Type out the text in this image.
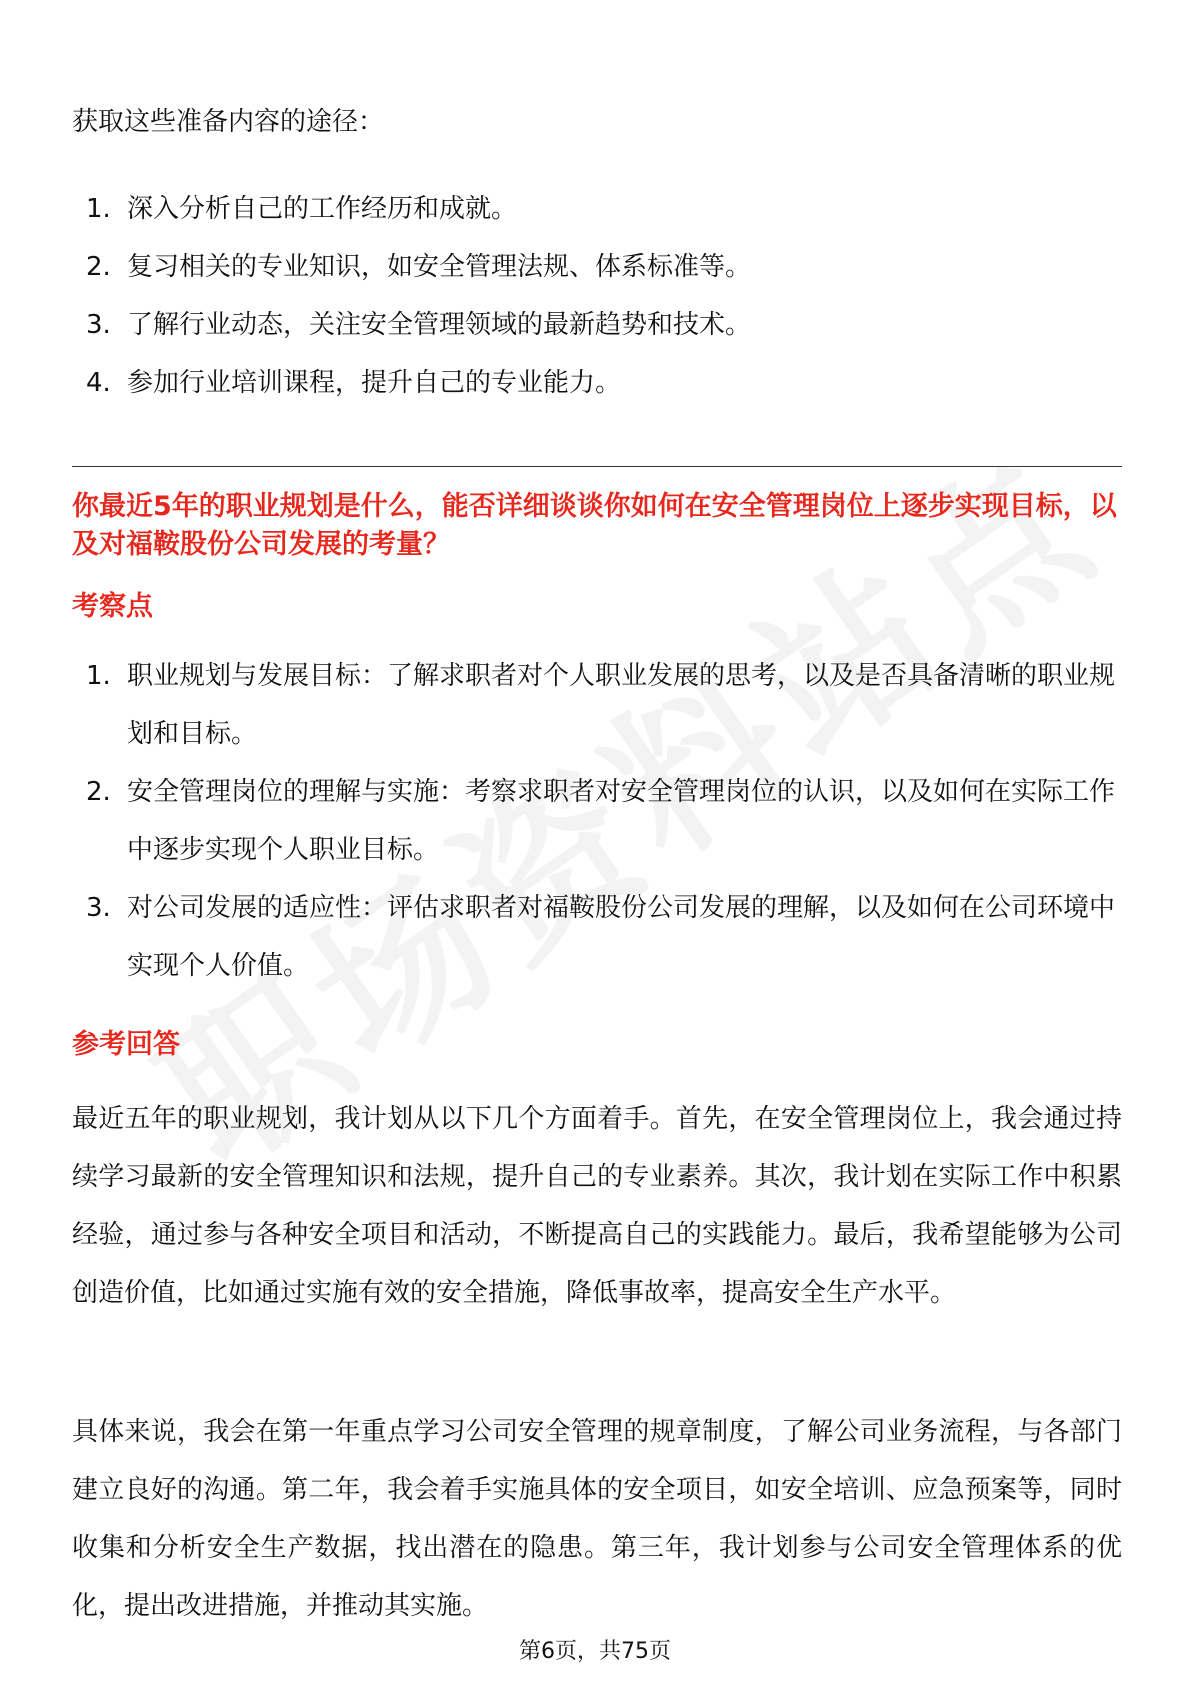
获取这些准备内容的途径：
1. 深入分析自己的工作经历和成就。
2. 复习相关的专业知识，如安全管理法规、体系标准等。
3. 了解行业动态，关注安全管理领域的最新趋势和技术。
4. 参加行业培训课程，提升自己的专业能力。
你最近5年的职业规划是什么，能否详细谈谈你如何在安全管理岗位上逐步实现目标，以及对福鞍股份公司发展的考量？
考察点
1. 职业规划与发展目标：了解求职者对个人职业发展的思考，以及是否具备清晰的职业规划和目标。
2. 安全管理岗位的理解与实施：考察求职者对安全管理岗位的认识，以及如何在实际工作中逐步实现个人职业目标。
3. 对公司发展的适应性：评估求职者对福鞍股份公司发展的理解，以及如何在公司环境中实现个人价值。
参考回答

最近五年的职业规划，我计划从以下几个方面着手。首先，在安全管理岗位上，我会通过持续学习最新的安全管理知识和法规，提升自己的专业素养。其次，我计划在实际工作中积累经验，通过参与各种安全项目和活动，不断提高自己的实践能力。最后，我希望能够为公司创造价值，比如通过实施有效的安全措施，降低事故率，提高安全生产水平。

具体来说，我会在第一年重点学习公司安全管理的规章制度，了解公司业务流程，与各部门建立良好的沟通。第二年，我会着手实施具体的安全项目，如安全培训、应急预案等，同时收集和分析安全生产数据，找出潜在的隐患。第三年，我计划参与公司安全管理体系的优化，提出改进措施，并推动其实施。

第6页，共75页
